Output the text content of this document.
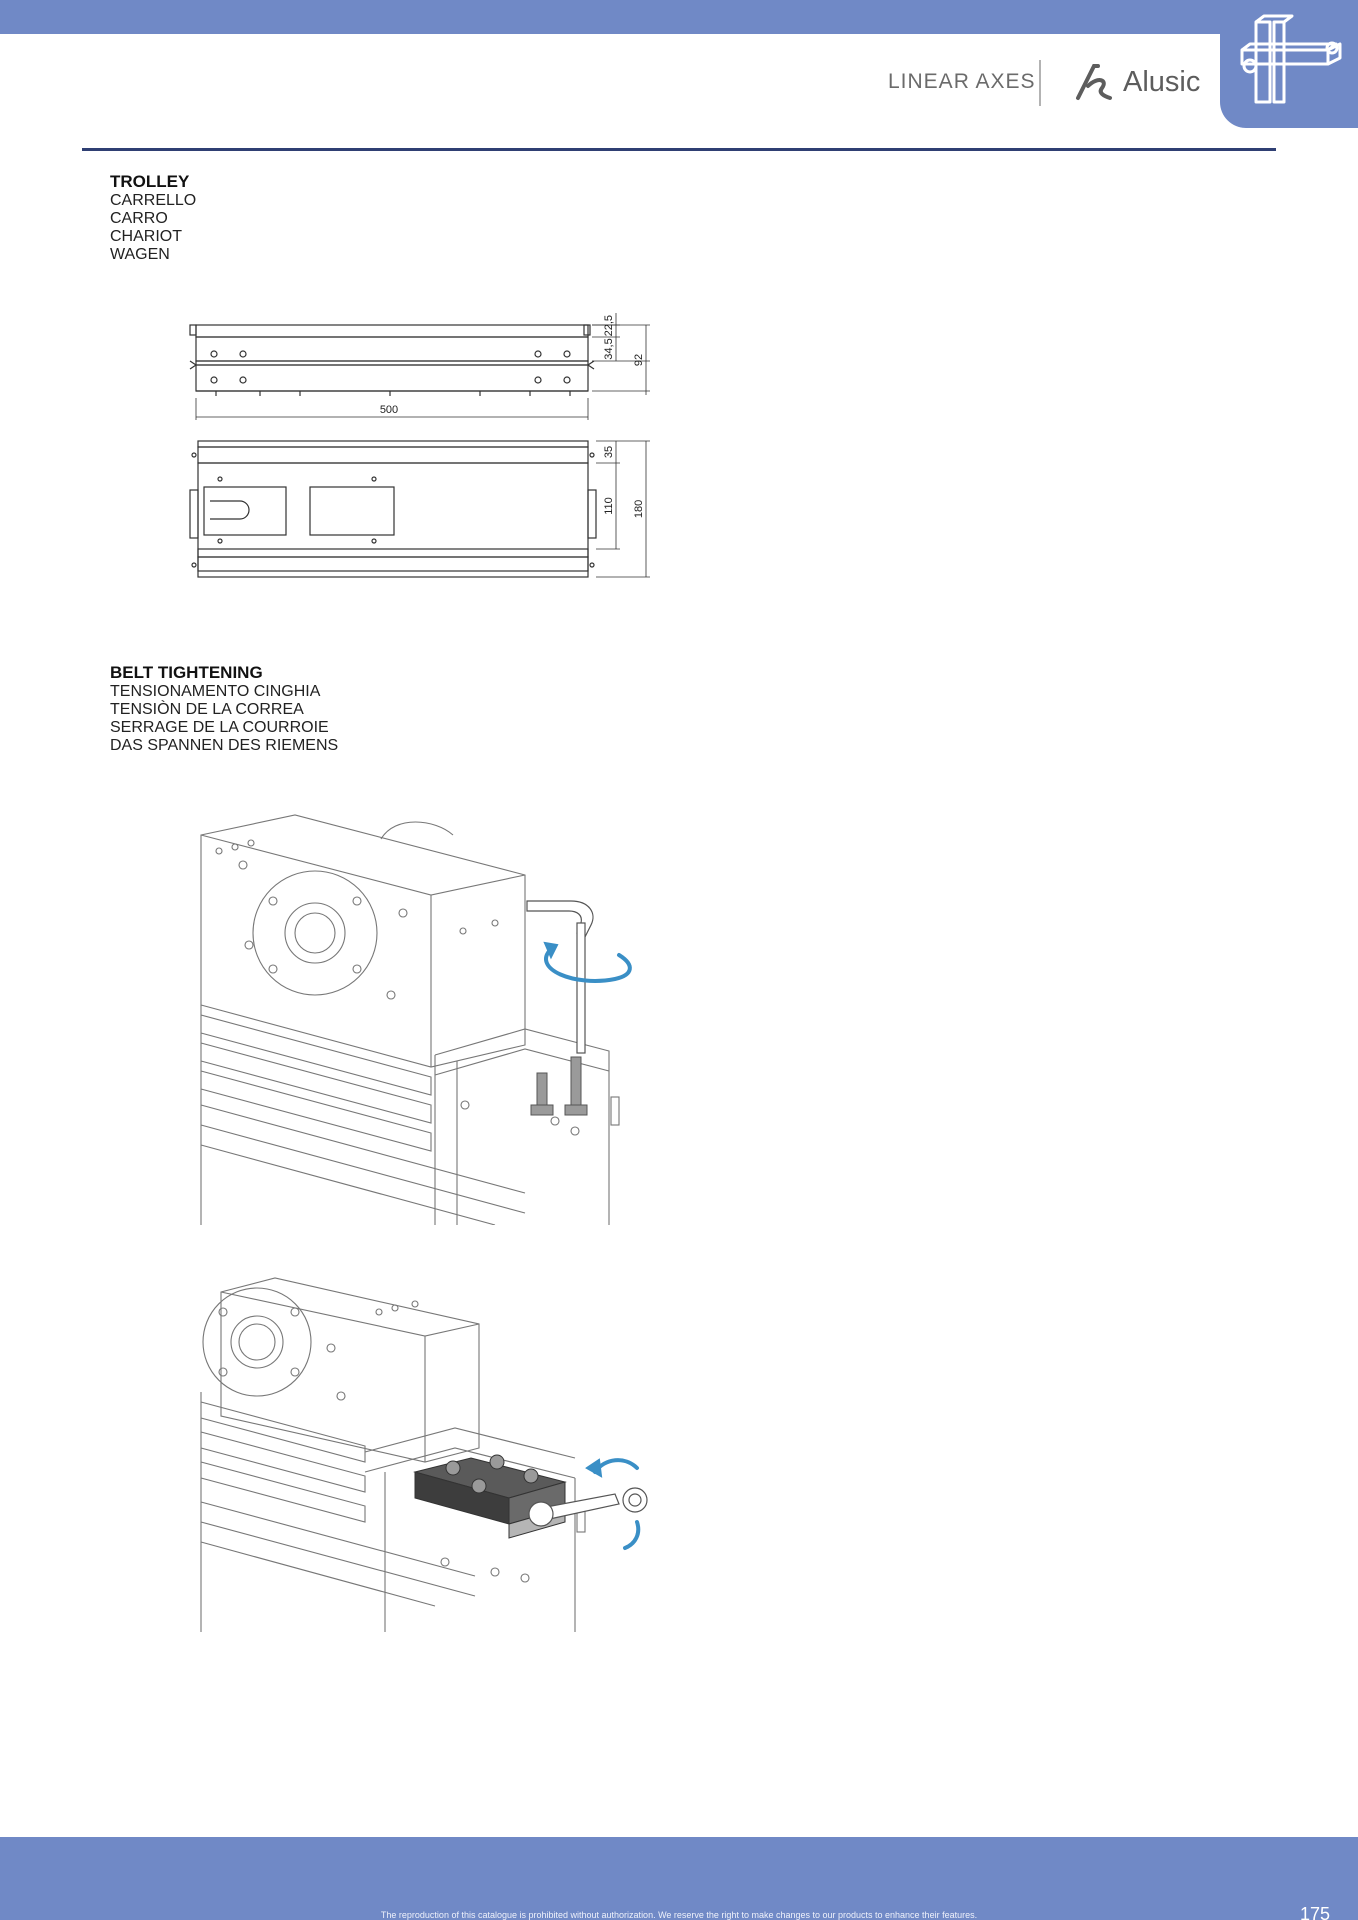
LINEAR AXES	Alusic
TROLLEY
CARRELLO
CARRO
CHARIOT
WAGEN
22,5
34,5
92
500
35
110 180
BELT TIGHTENING
TENSIONAMENTO CINGHIA
TENSIÒN DE LA CORREA
SERRAGE DE LA COURROIE
DAS SPANNEN DES RIEMENS
The reproduction of this catalogue is prohibited without authorization. We reserve the right to make changes to our products to enhance their features.	175
